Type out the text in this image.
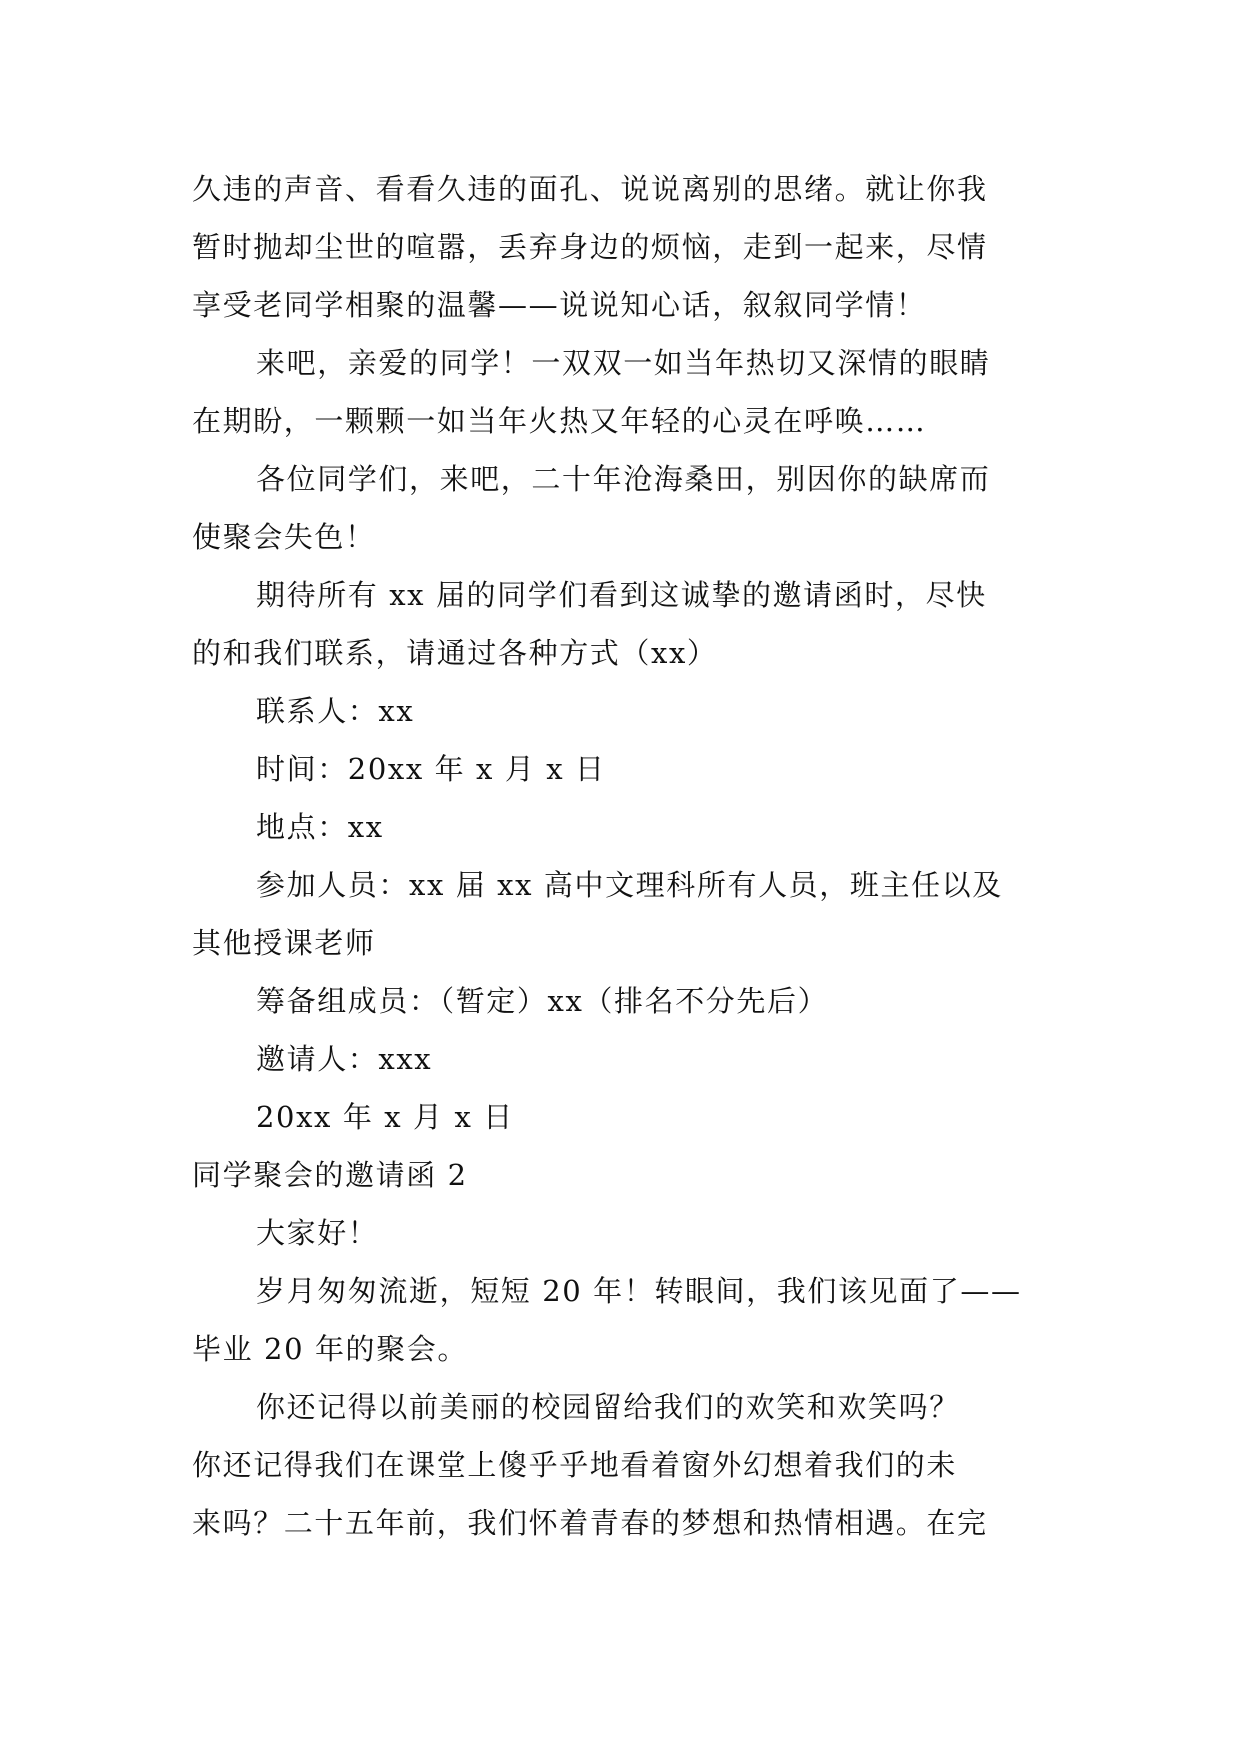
久违的声音、看看久违的面孔、说说离别的思绪。就让你我
暂时抛却尘世的喧嚣，丢弃身边的烦恼，走到一起来，尽情
享受老同学相聚的温馨——说说知心话，叙叙同学情！
来吧，亲爱的同学！一双双一如当年热切又深情的眼睛
在期盼，一颗颗一如当年火热又年轻的心灵在呼唤……
各位同学们，来吧，二十年沧海桑田，别因你的缺席而
使聚会失色！
期待所有 xx 届的同学们看到这诚挚的邀请函时，尽快
的和我们联系，请通过各种方式（xx）
联系人：xx
时间：20xx 年 x 月 x 日
地点：xx
参加人员：xx 届 xx 高中文理科所有人员，班主任以及
其他授课老师
筹备组成员：（暂定）xx（排名不分先后）
邀请人：xxx
20xx 年 x 月 x 日
同学聚会的邀请函 2
大家好！
岁月匆匆流逝，短短 20 年！转眼间，我们该见面了——
毕业 20 年的聚会。
你还记得以前美丽的校园留给我们的欢笑和欢笑吗？
你还记得我们在课堂上傻乎乎地看着窗外幻想着我们的未
来吗？二十五年前，我们怀着青春的梦想和热情相遇。在完
